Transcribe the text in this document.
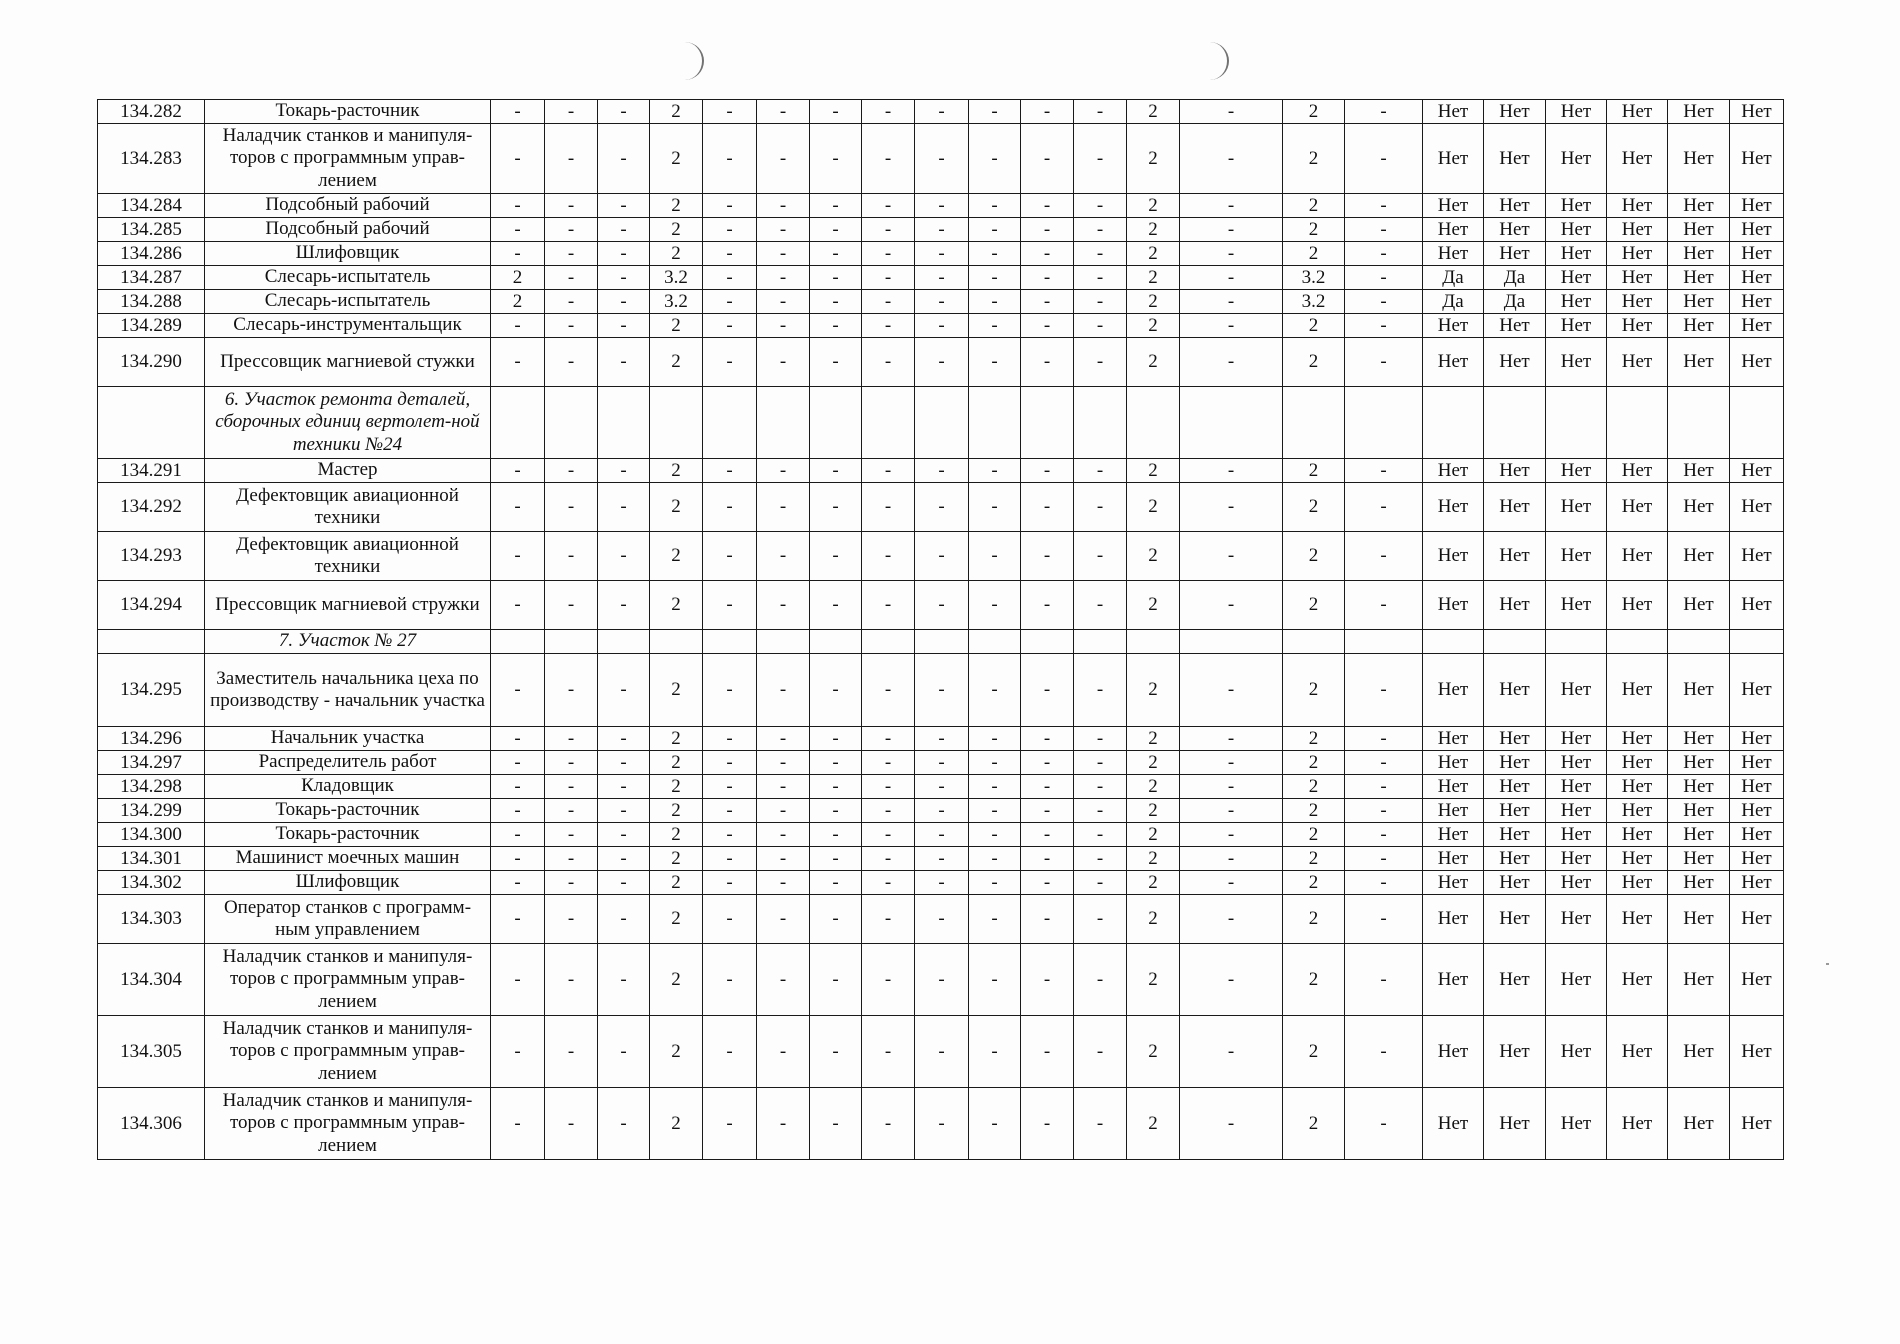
134.282	Токарь-расточник	-	-	-	2	-	-	-	-	-	-	-	-	2	-	2	-	Нет	Нет	Нет	Нет	Нет	Нет
134.283	Наладчик станков и манипуля-торов с программным управ-лением	-	-	-	2	-	-	-	-	-	-	-	-	2	-	2	-	Нет	Нет	Нет	Нет	Нет	Нет
134.284	Подсобный рабочий	-	-	-	2	-	-	-	-	-	-	-	-	2	-	2	-	Нет	Нет	Нет	Нет	Нет	Нет
134.285	Подсобный рабочий	-	-	-	2	-	-	-	-	-	-	-	-	2	-	2	-	Нет	Нет	Нет	Нет	Нет	Нет
134.286	Шлифовщик	-	-	-	2	-	-	-	-	-	-	-	-	2	-	2	-	Нет	Нет	Нет	Нет	Нет	Нет
134.287	Слесарь-испытатель	2	-	-	3.2	-	-	-	-	-	-	-	-	2	-	3.2	-	Да	Да	Нет	Нет	Нет	Нет
134.288	Слесарь-испытатель	2	-	-	3.2	-	-	-	-	-	-	-	-	2	-	3.2	-	Да	Да	Нет	Нет	Нет	Нет
134.289	Слесарь-инструментальщик	-	-	-	2	-	-	-	-	-	-	-	-	2	-	2	-	Нет	Нет	Нет	Нет	Нет	Нет
134.290	Прессовщик магниевой стужки	-	-	-	2	-	-	-	-	-	-	-	-	2	-	2	-	Нет	Нет	Нет	Нет	Нет	Нет
	6. Участок ремонта деталей, сборочных единиц вертолет-ной техники №24																						
134.291	Мастер	-	-	-	2	-	-	-	-	-	-	-	-	2	-	2	-	Нет	Нет	Нет	Нет	Нет	Нет
134.292	Дефектовщик авиационной техники	-	-	-	2	-	-	-	-	-	-	-	-	2	-	2	-	Нет	Нет	Нет	Нет	Нет	Нет
134.293	Дефектовщик авиационной техники	-	-	-	2	-	-	-	-	-	-	-	-	2	-	2	-	Нет	Нет	Нет	Нет	Нет	Нет
134.294	Прессовщик магниевой стружки	-	-	-	2	-	-	-	-	-	-	-	-	2	-	2	-	Нет	Нет	Нет	Нет	Нет	Нет
	7. Участок № 27																						
134.295	Заместитель начальника цеха по производству - начальник участка	-	-	-	2	-	-	-	-	-	-	-	-	2	-	2	-	Нет	Нет	Нет	Нет	Нет	Нет
134.296	Начальник участка	-	-	-	2	-	-	-	-	-	-	-	-	2	-	2	-	Нет	Нет	Нет	Нет	Нет	Нет
134.297	Распределитель работ	-	-	-	2	-	-	-	-	-	-	-	-	2	-	2	-	Нет	Нет	Нет	Нет	Нет	Нет
134.298	Кладовщик	-	-	-	2	-	-	-	-	-	-	-	-	2	-	2	-	Нет	Нет	Нет	Нет	Нет	Нет
134.299	Токарь-расточник	-	-	-	2	-	-	-	-	-	-	-	-	2	-	2	-	Нет	Нет	Нет	Нет	Нет	Нет
134.300	Токарь-расточник	-	-	-	2	-	-	-	-	-	-	-	-	2	-	2	-	Нет	Нет	Нет	Нет	Нет	Нет
134.301	Машинист моечных машин	-	-	-	2	-	-	-	-	-	-	-	-	2	-	2	-	Нет	Нет	Нет	Нет	Нет	Нет
134.302	Шлифовщик	-	-	-	2	-	-	-	-	-	-	-	-	2	-	2	-	Нет	Нет	Нет	Нет	Нет	Нет
134.303	Оператор станков с программ-ным управлением	-	-	-	2	-	-	-	-	-	-	-	-	2	-	2	-	Нет	Нет	Нет	Нет	Нет	Нет
134.304	Наладчик станков и манипуля-торов с программным управ-лением	-	-	-	2	-	-	-	-	-	-	-	-	2	-	2	-	Нет	Нет	Нет	Нет	Нет	Нет
134.305	Наладчик станков и манипуля-торов с программным управ-лением	-	-	-	2	-	-	-	-	-	-	-	-	2	-	2	-	Нет	Нет	Нет	Нет	Нет	Нет
134.306	Наладчик станков и манипуля-торов с программным управ-лением	-	-	-	2	-	-	-	-	-	-	-	-	2	-	2	-	Нет	Нет	Нет	Нет	Нет	Нет
